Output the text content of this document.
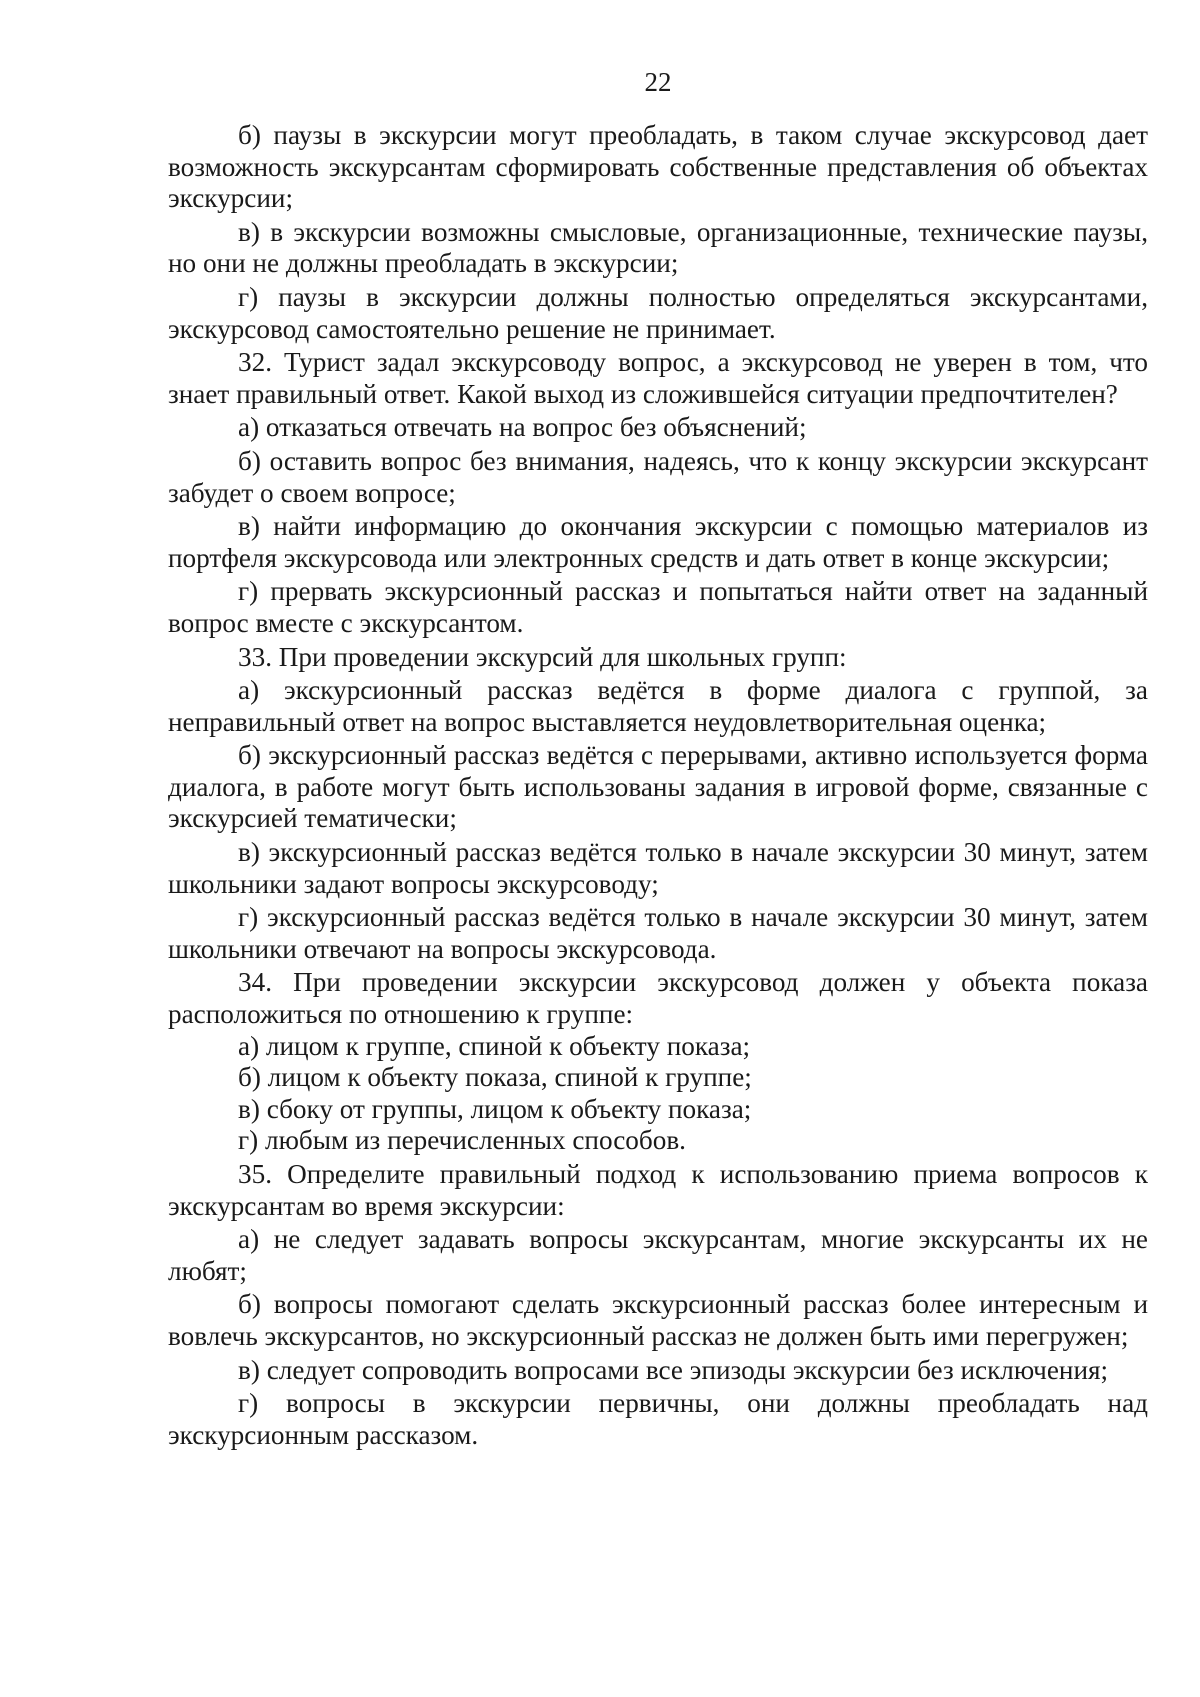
22

б) паузы в экскурсии могут преобладать, в таком случае экскурсовод дает возможность экскурсантам сформировать собственные представления об объектах экскурсии;

в) в экскурсии возможны смысловые, организационные, технические паузы, но они не должны преобладать в экскурсии;

г) паузы в экскурсии должны полностью определяться экскурсантами, экскурсовод самостоятельно решение не принимает.

32. Турист задал экскурсоводу вопрос, а экскурсовод не уверен в том, что знает правильный ответ. Какой выход из сложившейся ситуации предпочтителен?

а) отказаться отвечать на вопрос без объяснений;

б) оставить вопрос без внимания, надеясь, что к концу экскурсии экскурсант забудет о своем вопросе;

в) найти информацию до окончания экскурсии с помощью материалов из портфеля экскурсовода или электронных средств и дать ответ в конце экскурсии;

г) прервать экскурсионный рассказ и попытаться найти ответ на заданный вопрос вместе с экскурсантом.

33. При проведении экскурсий для школьных групп:

а) экскурсионный рассказ ведётся в форме диалога с группой, за неправильный ответ на вопрос выставляется неудовлетворительная оценка;

б) экскурсионный рассказ ведётся с перерывами, активно используется форма диалога, в работе могут быть использованы задания в игровой форме, связанные с экскурсией тематически;

в) экскурсионный рассказ ведётся только в начале экскурсии 30 минут, затем школьники задают вопросы экскурсоводу;

г) экскурсионный рассказ ведётся только в начале экскурсии 30 минут, затем школьники отвечают на вопросы экскурсовода.

34. При проведении экскурсии экскурсовод должен у объекта показа расположиться по отношению к группе:

а) лицом к группе, спиной к объекту показа;

б) лицом к объекту показа, спиной к группе;

в) сбоку от группы, лицом к объекту показа;

г) любым из перечисленных способов.

35. Определите правильный подход к использованию приема вопросов к экскурсантам во время экскурсии:

а) не следует задавать вопросы экскурсантам, многие экскурсанты их не любят;

б) вопросы помогают сделать экскурсионный рассказ более интересным и вовлечь экскурсантов, но экскурсионный рассказ не должен быть ими перегружен;

в) следует сопроводить вопросами все эпизоды экскурсии без исключения;

г) вопросы в экскурсии первичны, они должны преобладать над экскурсионным рассказом.
